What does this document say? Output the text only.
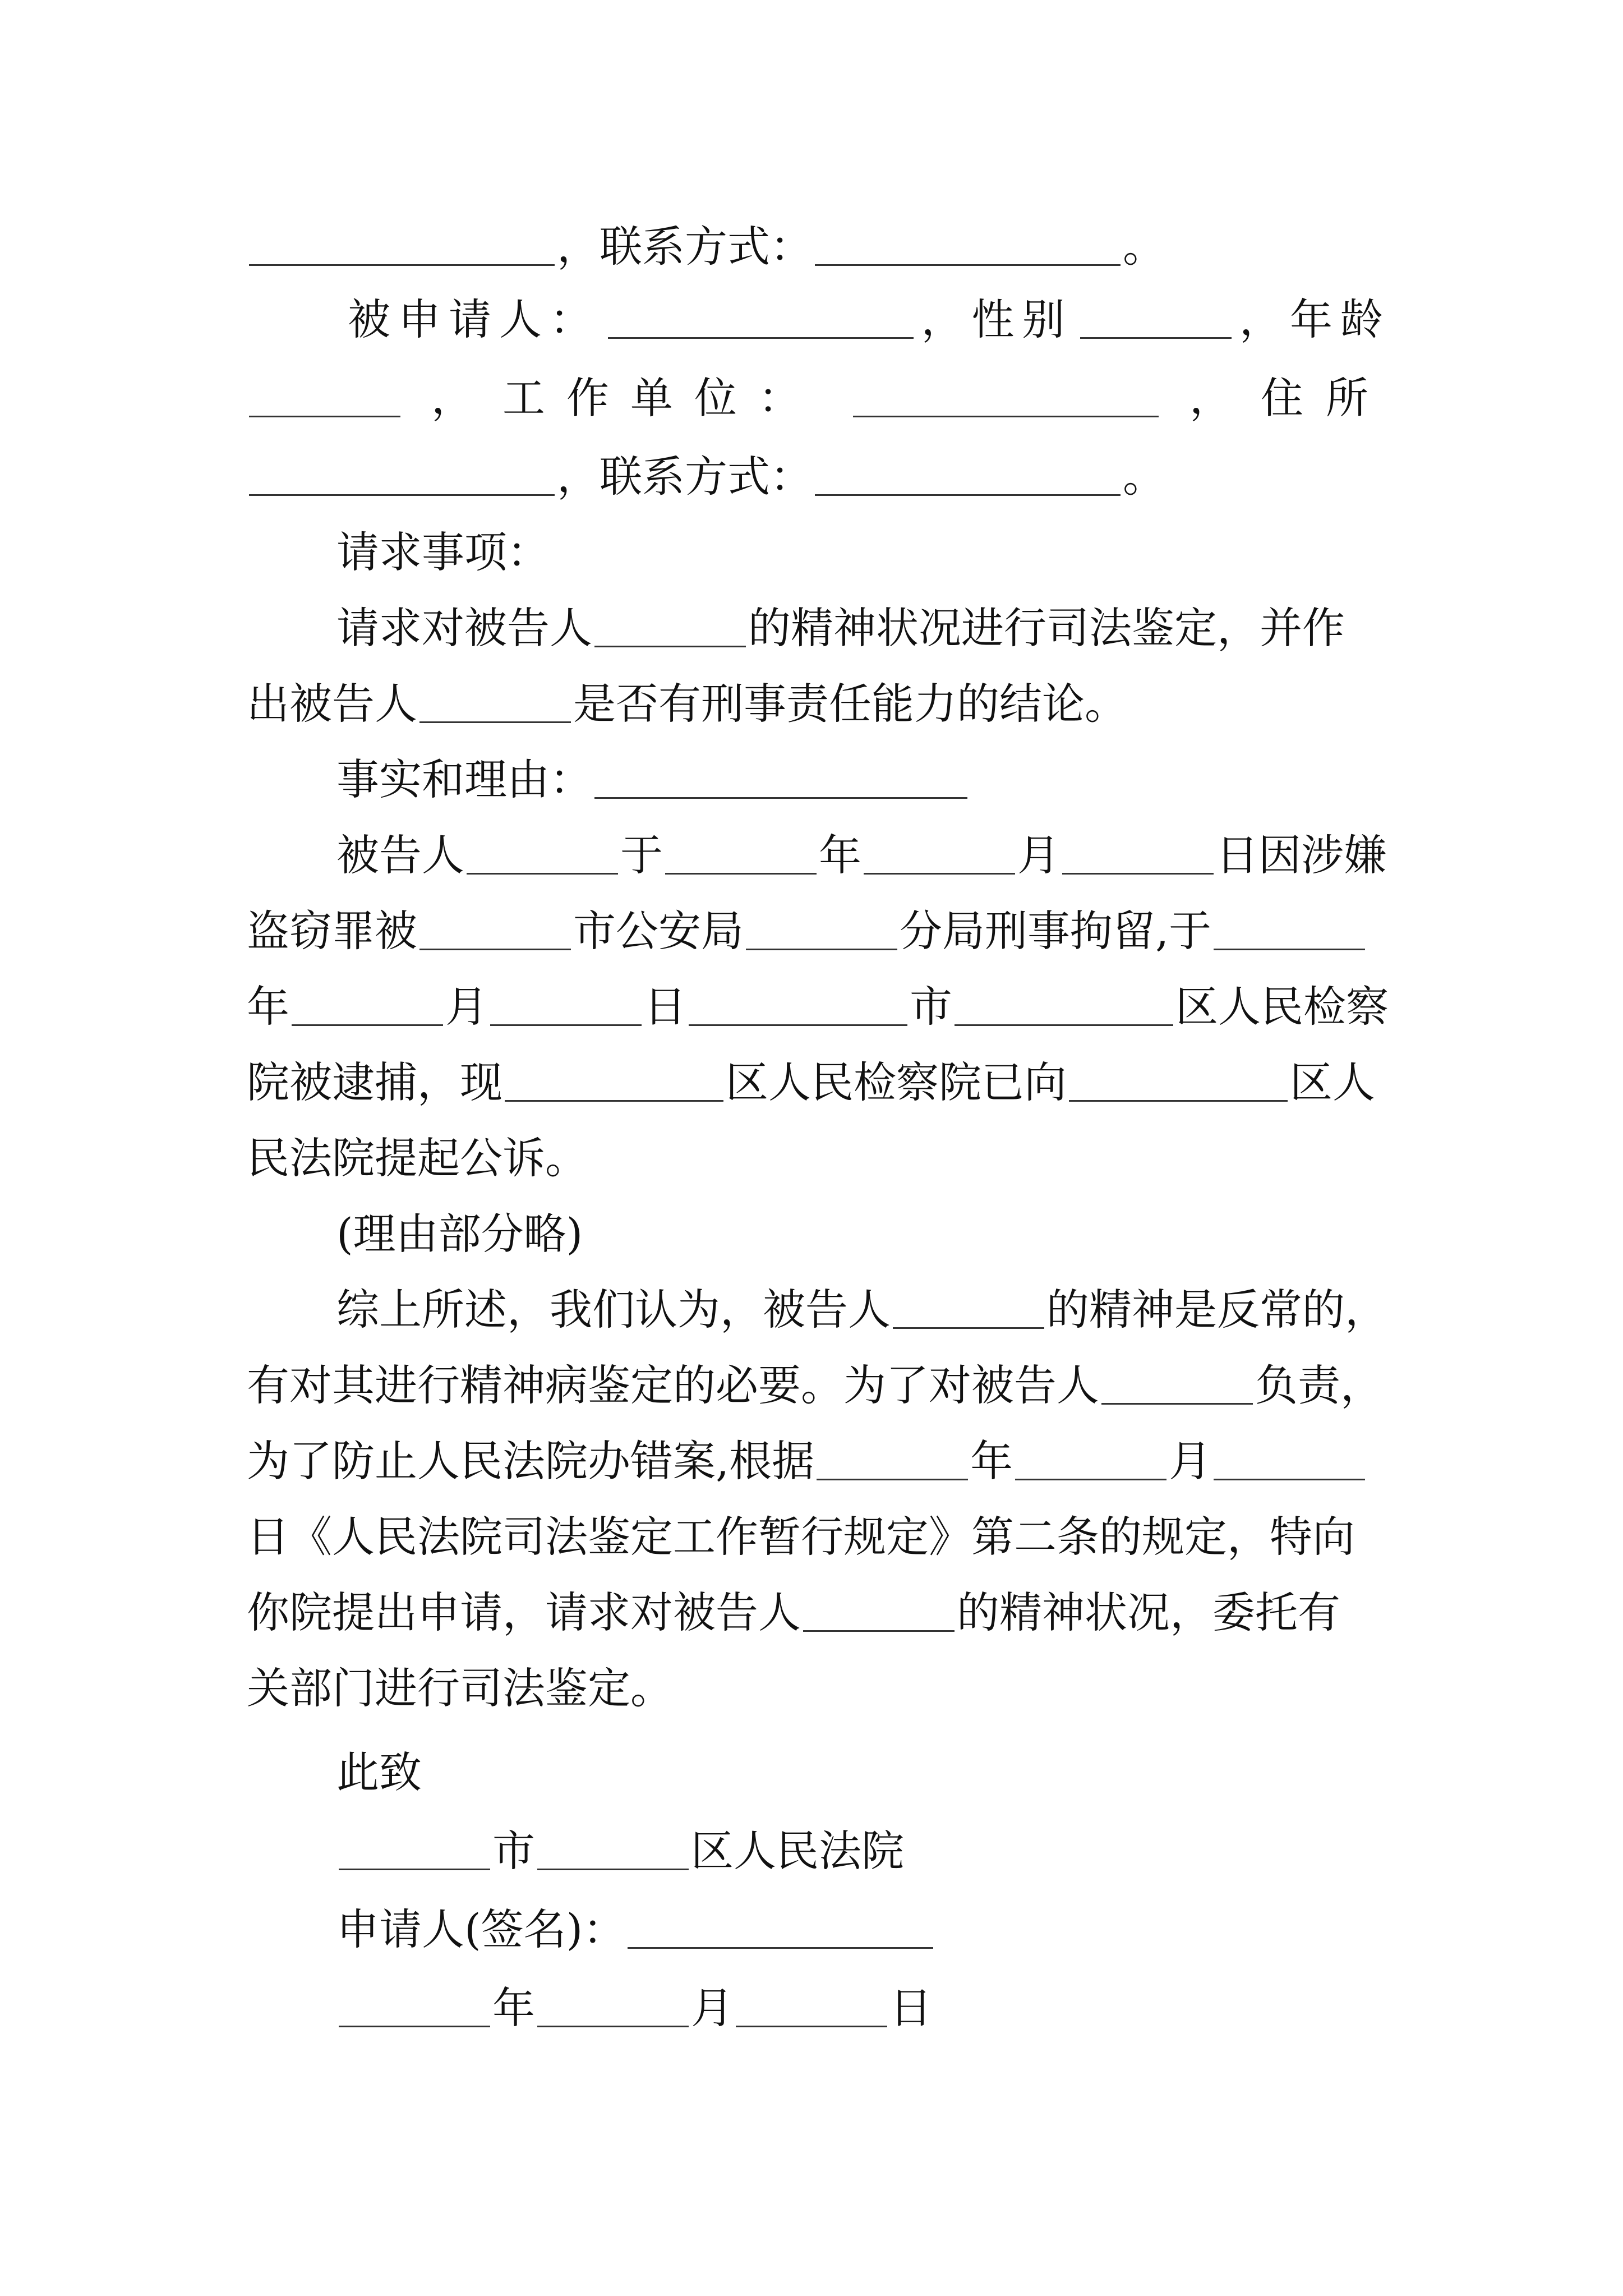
，联系方式：	。
被申请人：	，性别	，年龄
， 工作单位：	， 住所
，联系方式：	。
请求事项：
请求对被告人	的精神状况进行司法鉴定，并作
出被告人	是否有刑事责任能力的结论。
事实和理由：
被告人	于	年	月	日因涉嫌
盗窃罪被	市公安局	分局刑事拘留,于
年	月	日	市	区人民检察
院被逮捕，现	区人民检察院已向	区人
民法院提起公诉。
(理由部分略)
综上所述，我们认为，被告人	的精神是反常的，
有对其进行精神病鉴定的必要。为了对被告人	负责，
为了防止人民法院办错案,根据	年	月
日《人民法院司法鉴定工作暂行规定》第二条的规定，特向
你院提出申请，请求对被告人	的精神状况，委托有
关部门进行司法鉴定。
此致
市	区人民法院
申请人(签名)：
年	月	日
